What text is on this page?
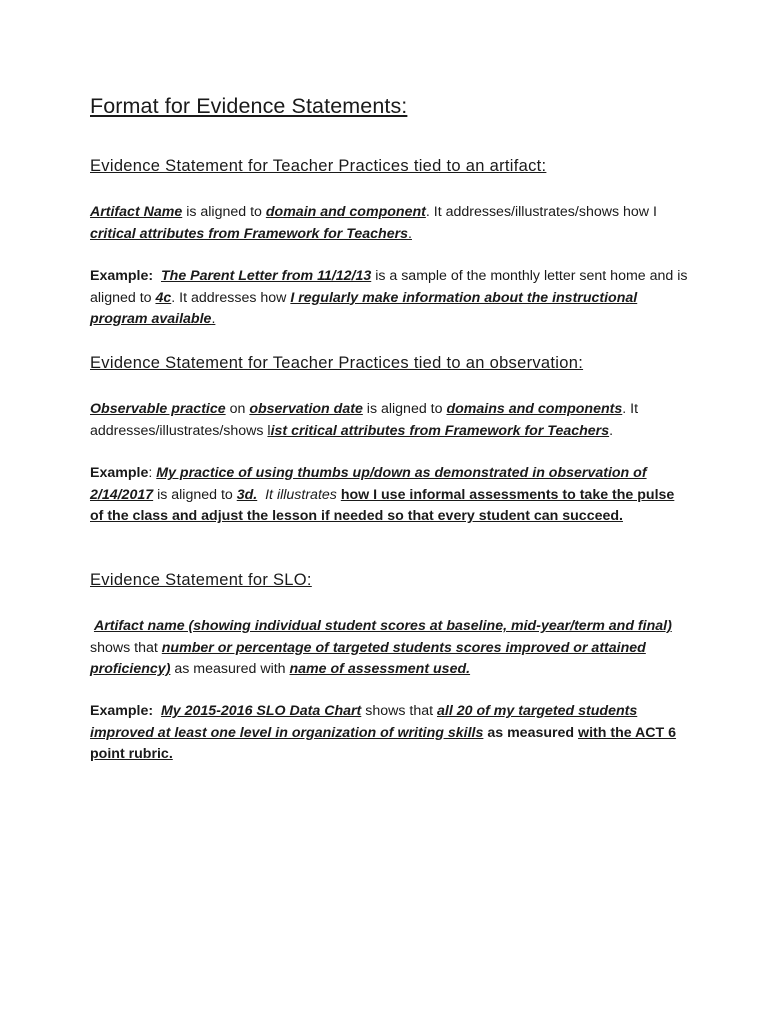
Format for Evidence Statements:
Evidence Statement for Teacher Practices tied to an artifact:

Artifact Name is aligned to domain and component. It addresses/illustrates/shows how I critical attributes from Framework for Teachers.

Example: The Parent Letter from 11/12/13 is a sample of the monthly letter sent home and is aligned to 4c. It addresses how I regularly make information about the instructional program available.

Evidence Statement for Teacher Practices tied to an observation:

Observable practice on observation date is aligned to domains and components. It addresses/illustrates/shows list critical attributes from Framework for Teachers.

Example: My practice of using thumbs up/down as demonstrated in observation of 2/14/2017 is aligned to 3d.  It illustrates how I use informal assessments to take the pulse of the class and adjust the lesson if needed so that every student can succeed.

Evidence Statement for SLO:

Artifact name (showing individual student scores at baseline, mid-year/term and final) shows that number or percentage of targeted students scores improved or attained proficiency) as measured with name of assessment used.

Example: My 2015-2016 SLO Data Chart shows that all 20 of my targeted students improved at least one level in organization of writing skills as measured with the ACT 6 point rubric.
